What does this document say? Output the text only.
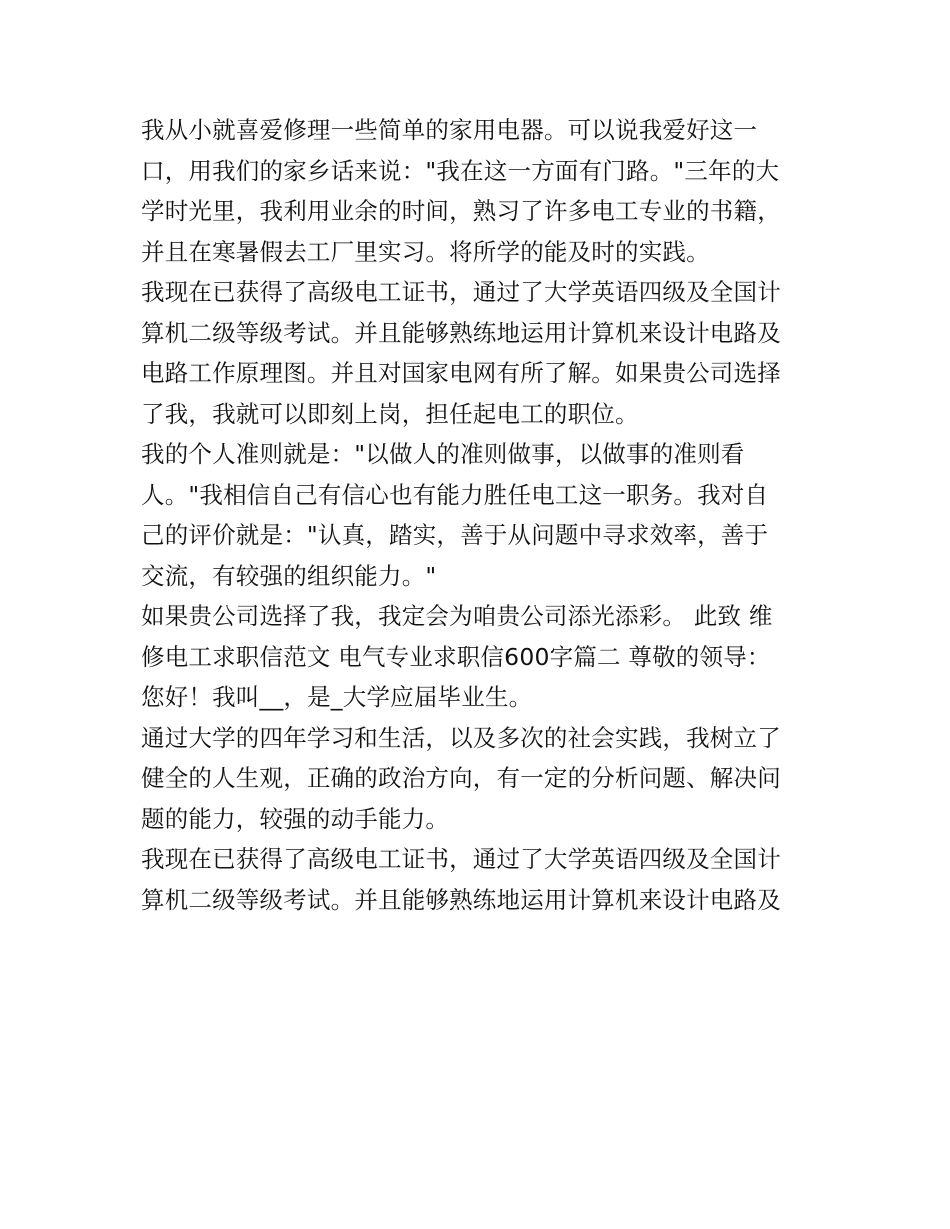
我从小就喜爱修理一些简单的家用电器。可以说我爱好这一
口，用我们的家乡话来说："我在这一方面有门路。"三年的大
学时光里，我利用业余的时间，熟习了许多电工专业的书籍，
并且在寒暑假去工厂里实习。将所学的能及时的实践。
我现在已获得了高级电工证书，通过了大学英语四级及全国计
算机二级等级考试。并且能够熟练地运用计算机来设计电路及
电路工作原理图。并且对国家电网有所了解。如果贵公司选择
了我，我就可以即刻上岗，担任起电工的职位。
我的个人准则就是："以做人的准则做事，以做事的准则看
人。"我相信自己有信心也有能力胜任电工这一职务。我对自
己的评价就是："认真，踏实，善于从问题中寻求效率，善于
交流，有较强的组织能力。"
如果贵公司选择了我，我定会为咱贵公司添光添彩。 此致 维
修电工求职信范文 电气专业求职信600字篇二 尊敬的领导：
您好！我叫__，是_大学应届毕业生。
通过大学的四年学习和生活，以及多次的社会实践，我树立了
健全的人生观，正确的政治方向，有一定的分析问题、解决问
题的能力，较强的动手能力。
我现在已获得了高级电工证书，通过了大学英语四级及全国计
算机二级等级考试。并且能够熟练地运用计算机来设计电路及
